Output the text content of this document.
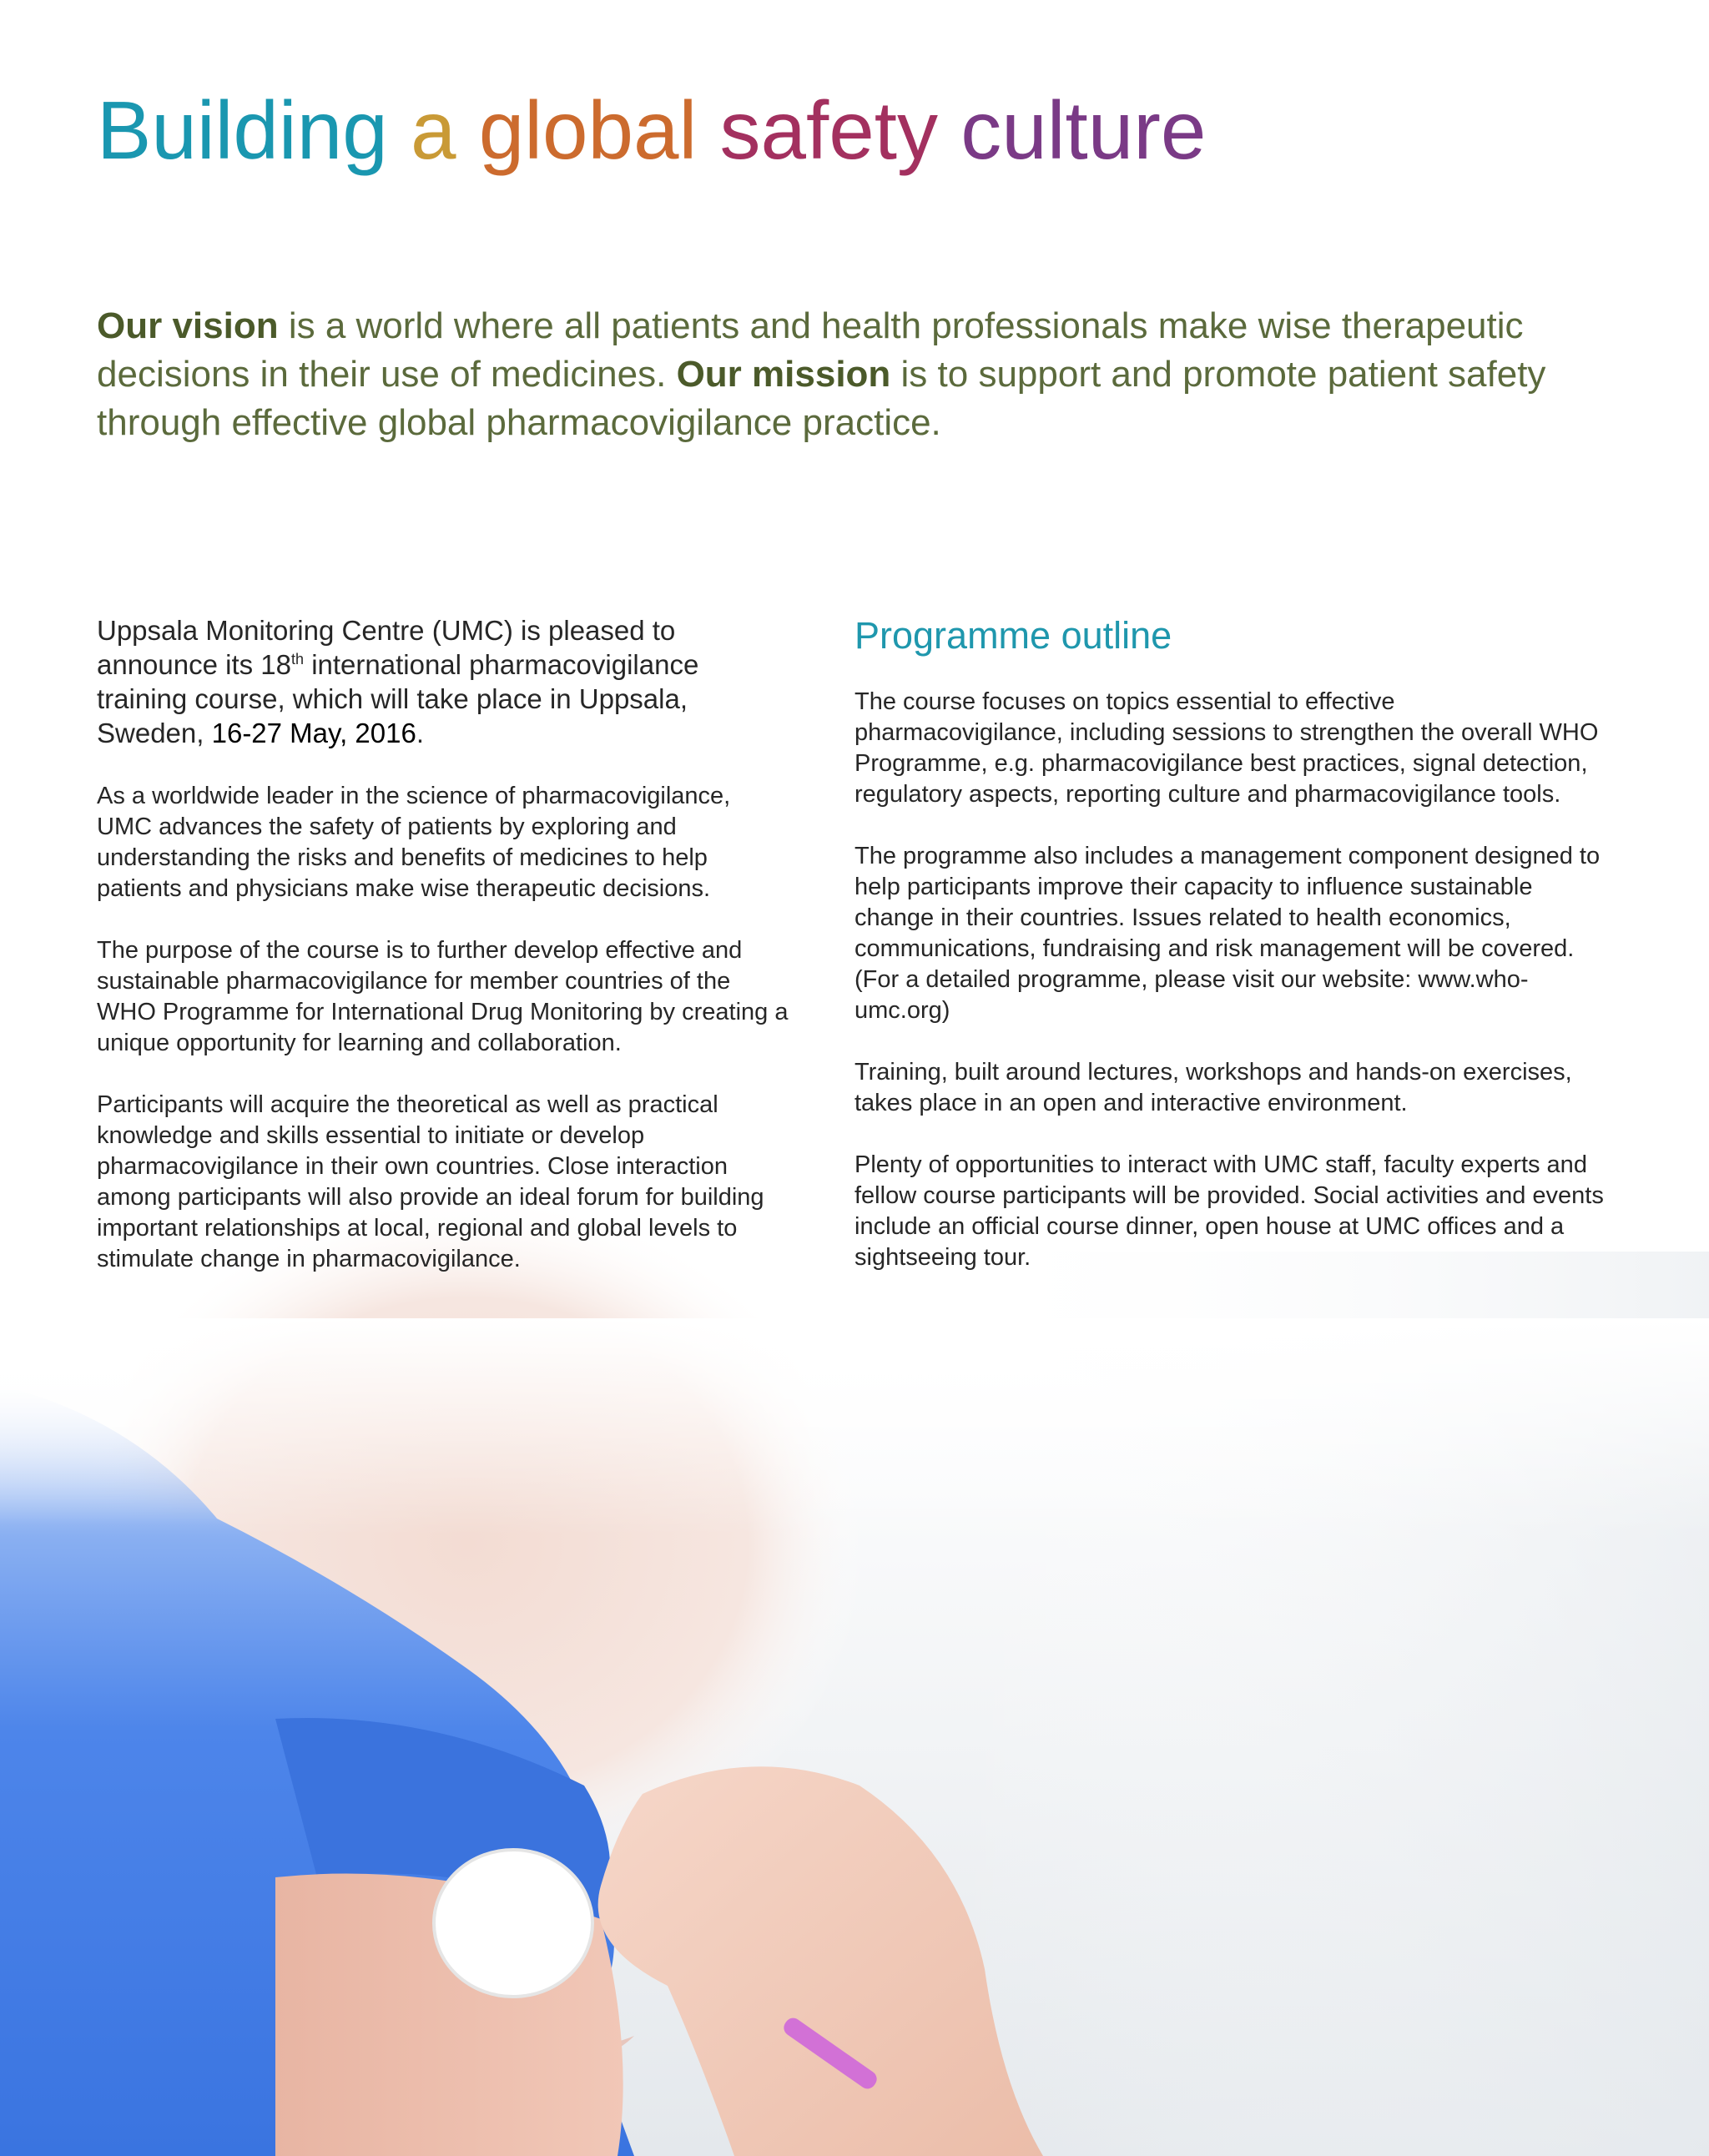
Building a global safety culture

Our vision is a world where all patients and health professionals make wise therapeutic decisions in their use of medicines. Our mission is to support and promote patient safety through effective global pharmacovigilance practice.

Uppsala Monitoring Centre (UMC) is pleased to announce its 18th international pharmacovigilance training course, which will take place in Uppsala, Sweden, 16-27 May, 2016.

As a worldwide leader in the science of pharmacovigilance, UMC advances the safety of patients by exploring and understanding the risks and benefits of medicines to help patients and physicians make wise therapeutic decisions.

The purpose of the course is to further develop effective and sustainable pharmacovigilance for member countries of the WHO Programme for International Drug Monitoring by creating a unique opportunity for learning and collaboration.

Participants will acquire the theoretical as well as practical knowledge and skills essential to initiate or develop pharmacovigilance in their own countries. Close interaction among participants will also provide an ideal forum for building important relationships at local, regional and global levels to stimulate change in pharmacovigilance.

Programme outline

The course focuses on topics essential to effective pharmacovigilance, including sessions to strengthen the overall WHO Programme, e.g. pharmacovigilance best practices, signal detection, regulatory aspects, reporting culture and pharmacovigilance tools.

The programme also includes a management component designed to help participants improve their capacity to influence sustainable change in their countries. Issues related to health economics, communications, fundraising and risk management will be covered. (For a detailed programme, please visit our website: www.who-umc.org)

Training, built around lectures, workshops and hands-on exercises, takes place in an open and interactive environment.

Plenty of opportunities to interact with UMC staff, faculty experts and fellow course participants will be provided. Social activities and events include an official course dinner, open house at UMC offices and a sightseeing tour.
